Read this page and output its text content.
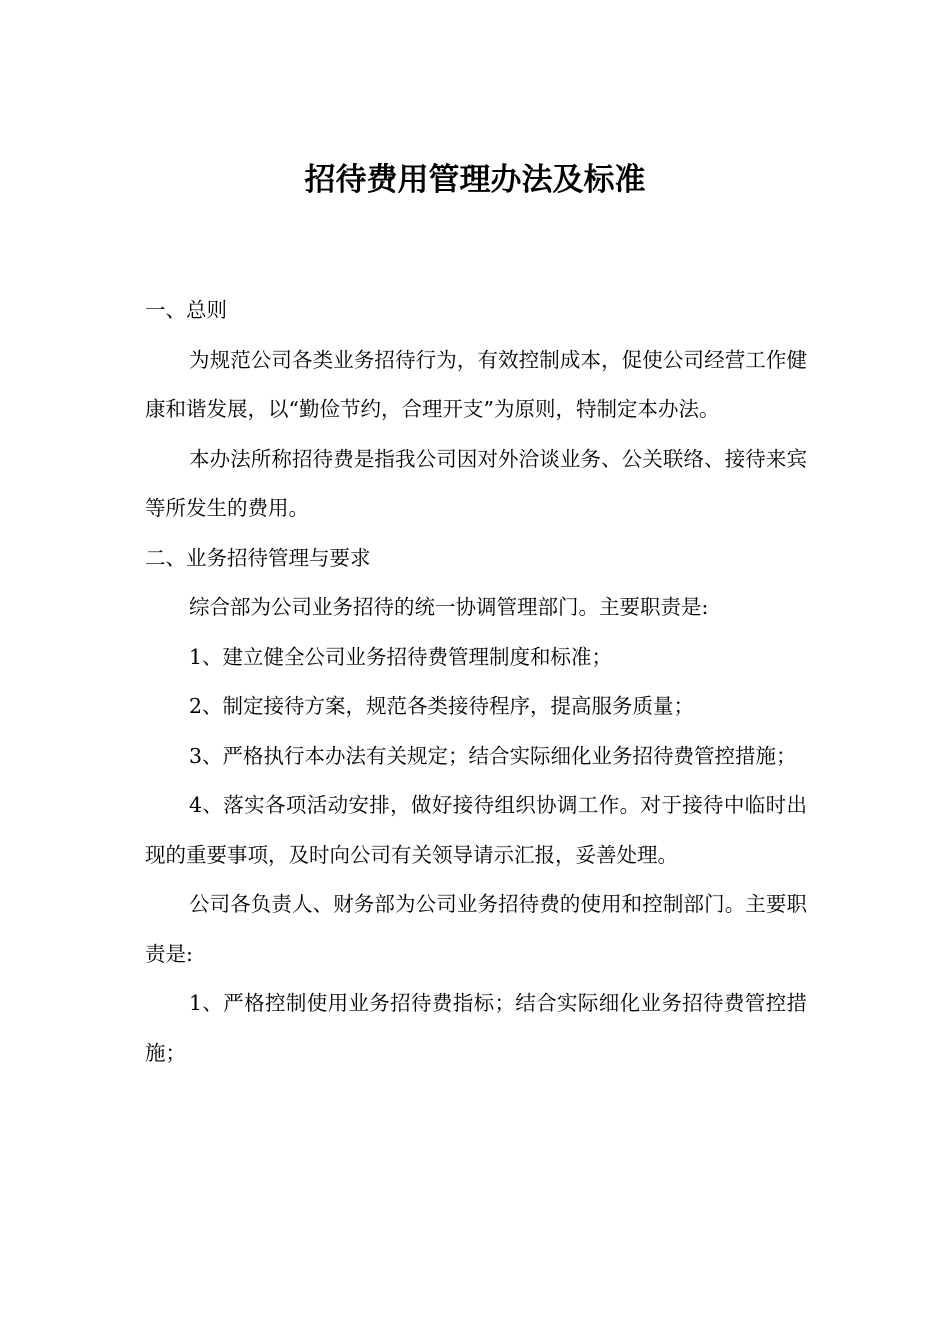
招待费用管理办法及标准

一、总则

为规范公司各类业务招待行为，有效控制成本，促使公司经营工作健康和谐发展，以“勤俭节约，合理开支”为原则，特制定本办法。

本办法所称招待费是指我公司因对外洽谈业务、公关联络、接待来宾等所发生的费用。

二、业务招待管理与要求

综合部为公司业务招待的统一协调管理部门。主要职责是:

1、建立健全公司业务招待费管理制度和标准；

2、制定接待方案，规范各类接待程序，提高服务质量；

3、严格执行本办法有关规定；结合实际细化业务招待费管控措施；

4、落实各项活动安排，做好接待组织协调工作。对于接待中临时出现的重要事项，及时向公司有关领导请示汇报，妥善处理。

公司各负责人、财务部为公司业务招待费的使用和控制部门。主要职责是:

1、严格控制使用业务招待费指标；结合实际细化业务招待费管控措施；
